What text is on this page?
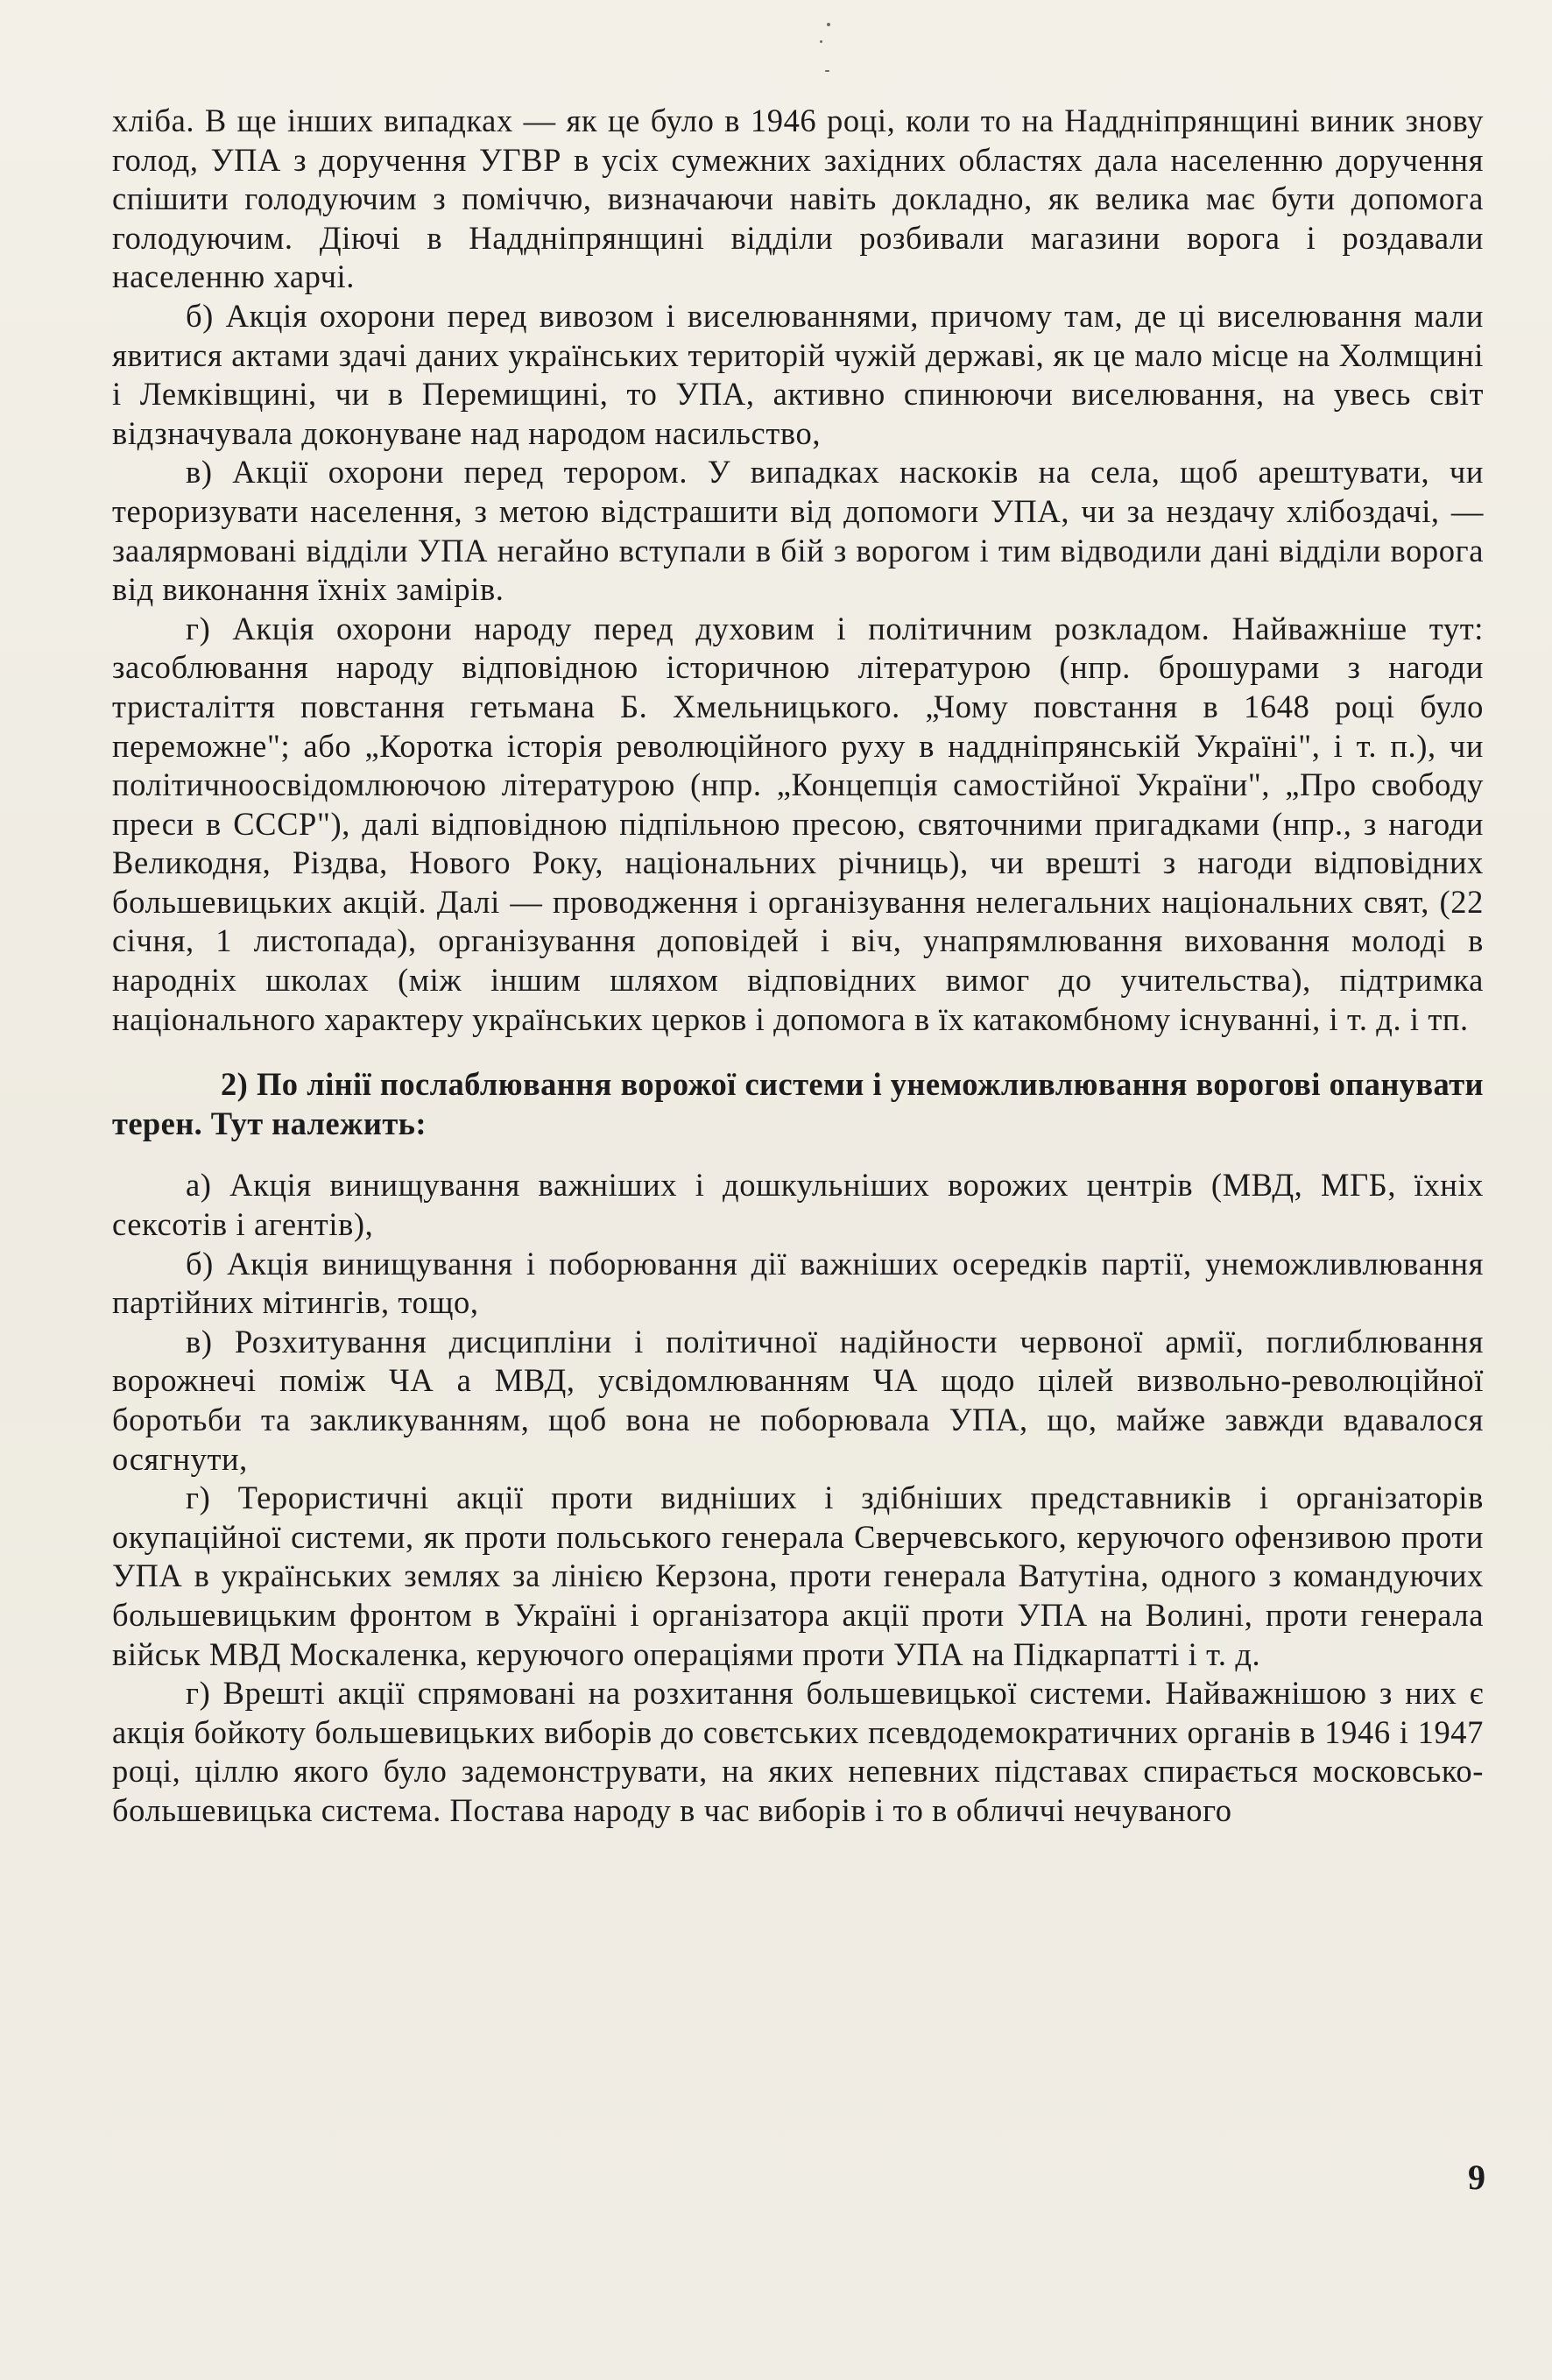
хліба. В ще інших випадках — як це було в 1946 році, коли то на Наддніпрянщині виник знову голод, УПА з доручення УГВР в усіх сумежних західних областях дала населенню доручення спішити голодуючим з поміччю, визначаючи навіть докладно, як велика має бути допомога голодуючим. Діючі в Наддніпрянщині відділи розбивали магазини ворога і роздавали населенню харчі.

б) Акція охорони перед вивозом і виселюваннями, причому там, де ці виселювання мали явитися актами здачі даних українських територій чужій державі, як це мало місце на Холмщині і Лемківщині, чи в Перемищині, то УПА, активно спинюючи виселювання, на увесь світ відзначувала доконуване над народом насильство,

в) Акції охорони перед терором. У випадках наскоків на села, щоб арештувати, чи тероризувати населення, з метою відстрашити від допомоги УПА, чи за нездачу хлібоздачі, — заалярмовані відділи УПА негайно вступали в бій з ворогом і тим відводили дані відділи ворога від виконання їхніх замірів.

г) Акція охорони народу перед духовим і політичним розкладом. Найважніше тут: засоблювання народу відповідною історичною літературою (нпр. брошурами з нагоди тристаліття повстання гетьмана Б. Хмельницького. „Чому повстання в 1648 році було переможне"; або „Коротка історія революційного руху в наддніпрянській Україні", і т. п.), чи політичноосвідомлюючою літературою (нпр. „Концепція самостійної України", „Про свободу преси в СССР"), далі відповідною підпільною пресою, святочними пригадками (нпр., з нагоди Великодня, Різдва, Нового Року, національних річниць), чи врешті з нагоди відповідних большевицьких акцій. Далі — проводження і організування нелегальних національних свят, (22 січня, 1 листопада), організування доповідей і віч, унапрямлювання виховання молоді в народніх школах (між іншим шляхом відповідних вимог до учительства), підтримка національного характеру українських церков і допомога в їх катакомбному існуванні, і т. д. і тп.

2) По лінії послаблювання ворожої системи і унеможливлювання ворогові опанувати терен. Тут належить:

а) Акція винищування важніших і дошкульніших ворожих центрів (МВД, МГБ, їхніх сексотів і агентів),

б) Акція винищування і поборювання дії важніших осередків партії, унеможливлювання партійних мітингів, тощо,

в) Розхитування дисципліни і політичної надійности червоної армії, поглиблювання ворожнечі поміж ЧА а МВД, усвідомлюванням ЧА щодо цілей визвольно-революційної боротьби та закликуванням, щоб вона не поборювала УПА, що, майже завжди вдавалося осягнути,

г) Терористичні акції проти видніших і здібніших представників і організаторів окупаційної системи, як проти польського генерала Сверчевського, керуючого офензивою проти УПА в українських землях за лінією Керзона, проти генерала Ватутіна, одного з командуючих большевицьким фронтом в Україні і організатора акції проти УПА на Волині, проти генерала військ МВД Москаленка, керуючого операціями проти УПА на Підкарпатті і т. д.

г) Врешті акції спрямовані на розхитання большевицької системи. Найважнішою з них є акція бойкоту большевицьких виборів до совєтських псевдодемократичних органів в 1946 і 1947 році, ціллю якого було задемонструвати, на яких непевних підставах спирається московсько-большевицька система. Постава народу в час виборів і то в обличчі нечуваного

9
